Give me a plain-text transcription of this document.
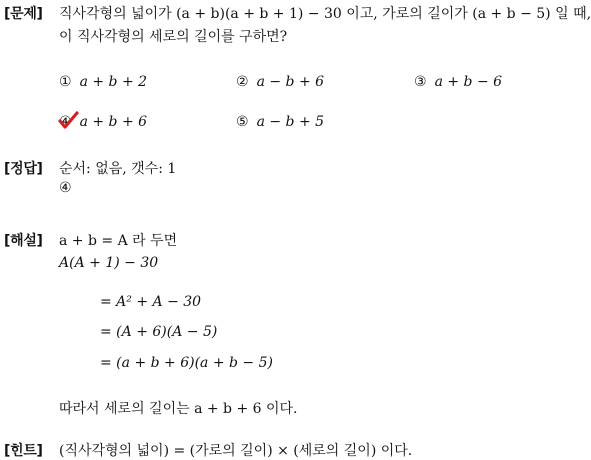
[문제] 직사각형의 넓이가 (a + b)(a + b + 1) − 30 이고, 가로의 길이가 (a + b − 5) 일 때,
이 직사각형의 세로의 길이를 구하면?
① a + b + 2	② a − b + 6	③ a + b − 6
④ a + b + 6	⑤ a − b + 5
[정답] 순서: 없음, 갯수: 1
④
[해설] a + b = A 라 두면
A(A + 1) − 30
= A² + A − 30
= (A + 6)(A − 5)
= (a + b + 6)(a + b − 5)
따라서 세로의 길이는 a + b + 6 이다.
[힌트] (직사각형의 넓이) = (가로의 길이) × (세로의 길이) 이다.
